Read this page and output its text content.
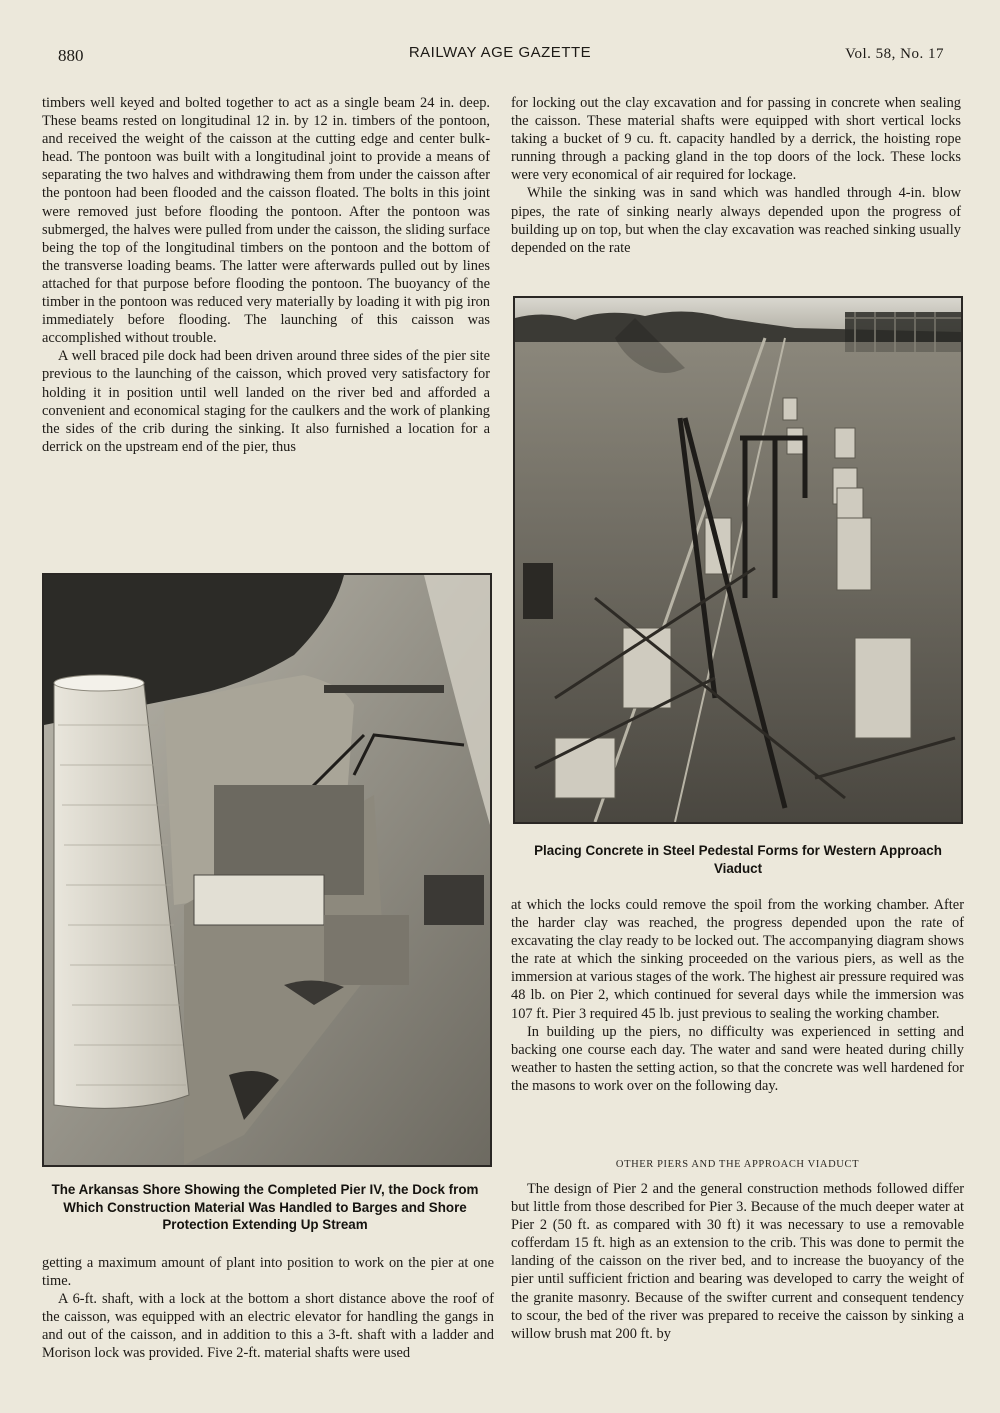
880	RAILWAY AGE GAZETTE	Vol. 58, No. 17

timbers well keyed and bolted together to act as a single beam 24 in. deep. These beams rested on longitudinal 12 in. by 12 in. timbers of the pontoon, and received the weight of the caisson at the cutting edge and center bulk-head. The pontoon was built with a longitudinal joint to provide a means of separating the two halves and withdrawing them from under the caisson after the pontoon had been flooded and the caisson floated. The bolts in this joint were removed just before flooding the pontoon. After the pontoon was submerged, the halves were pulled from under the caisson, the sliding surface being the top of the longitudinal timbers on the pontoon and the bottom of the transverse loading beams. The latter were afterwards pulled out by lines attached for that purpose before flooding the pontoon. The buoyancy of the timber in the pontoon was reduced very materially by loading it with pig iron immediately before flooding. The launching of this caisson was accomplished without trouble.

A well braced pile dock had been driven around three sides of the pier site previous to the launching of the caisson, which proved very satisfactory for holding it in position until well landed on the river bed and afforded a convenient and economical staging for the caulkers and the work of planking the sides of the crib during the sinking. It also furnished a location for a derrick on the upstream end of the pier, thus

for locking out the clay excavation and for passing in concrete when sealing the caisson. These material shafts were equipped with short vertical locks taking a bucket of 9 cu. ft. capacity handled by a derrick, the hoisting rope running through a packing gland in the top doors of the lock. These locks were very economical of air required for lockage.

While the sinking was in sand which was handled through 4-in. blow pipes, the rate of sinking nearly always depended upon the progress of building up on top, but when the clay excavation was reached sinking usually depended on the rate

Placing Concrete in Steel Pedestal Forms for Western Approach Viaduct
The Arkansas Shore Showing the Completed Pier IV, the Dock from Which Construction Material Was Handled to Barges and Shore Protection Extending Up Stream

at which the locks could remove the spoil from the working chamber. After the harder clay was reached, the progress depended upon the rate of excavating the clay ready to be locked out. The accompanying diagram shows the rate at which the sinking proceeded on the various piers, as well as the immersion at various stages of the work. The highest air pressure required was 48 lb. on Pier 2, which continued for several days while the immersion was 107 ft. Pier 3 required 45 lb. just previous to sealing the working chamber.

In building up the piers, no difficulty was experienced in setting and backing one course each day. The water and sand were heated during chilly weather to hasten the setting action, so that the concrete was well hardened for the masons to work over on the following day.

OTHER PIERS AND THE APPROACH VIADUCT

The design of Pier 2 and the general construction methods followed differ but little from those described for Pier 3. Because of the much deeper water at Pier 2 (50 ft. as compared with 30 ft) it was necessary to use a removable cofferdam 15 ft. high as an extension to the crib. This was done to permit the landing of the caisson on the river bed, and to increase the buoyancy of the pier until sufficient friction and bearing was developed to carry the weight of the granite masonry. Because of the swifter current and consequent tendency to scour, the bed of the river was prepared to receive the caisson by sinking a willow brush mat 200 ft. by

getting a maximum amount of plant into position to work on the pier at one time.

A 6-ft. shaft, with a lock at the bottom a short distance above the roof of the caisson, was equipped with an electric elevator for handling the gangs in and out of the caisson, and in addition to this a 3-ft. shaft with a ladder and Morison lock was provided. Five 2-ft. material shafts were used
